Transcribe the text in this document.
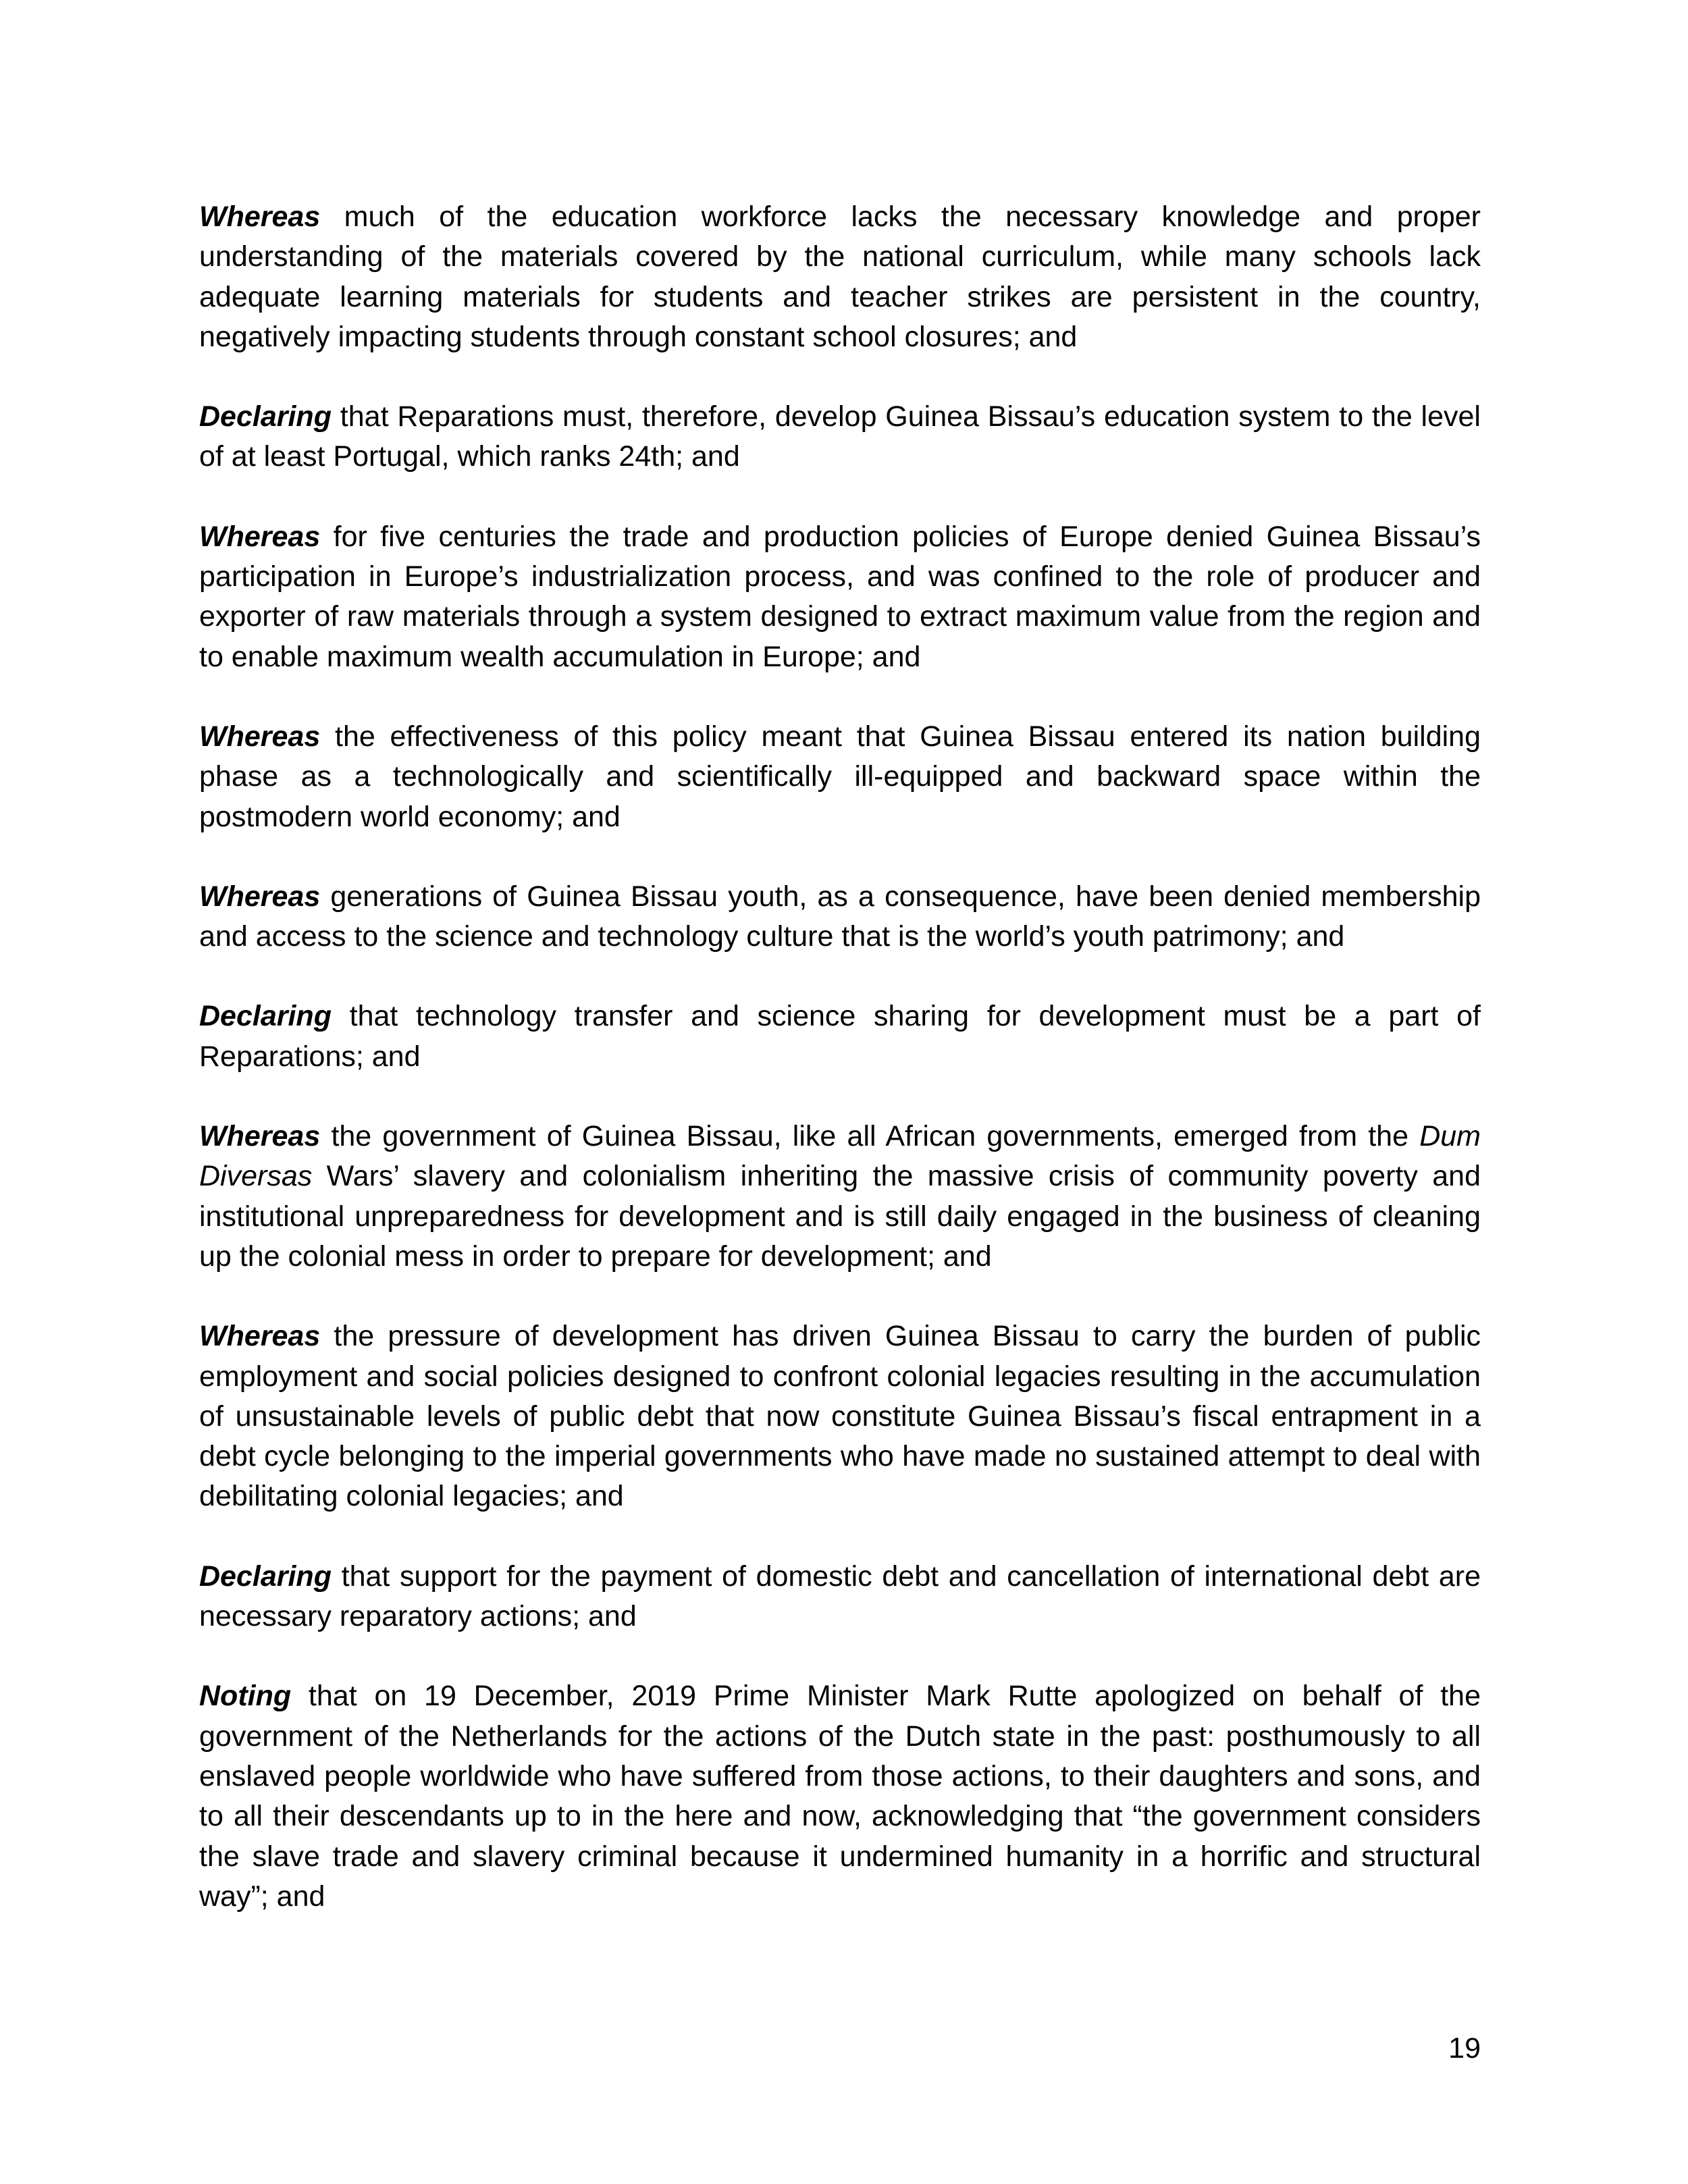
Whereas much of the education workforce lacks the necessary knowledge and proper understanding of the materials covered by the national curriculum, while many schools lack adequate learning materials for students and teacher strikes are persistent in the country, negatively impacting students through constant school closures; and

Declaring that Reparations must, therefore, develop Guinea Bissau’s education system to the level of at least Portugal, which ranks 24th; and

Whereas for five centuries the trade and production policies of Europe denied Guinea Bissau’s participation in Europe’s industrialization process, and was confined to the role of producer and exporter of raw materials through a system designed to extract maximum value from the region and to enable maximum wealth accumulation in Europe; and

Whereas the effectiveness of this policy meant that Guinea Bissau entered its nation building phase as a technologically and scientifically ill-equipped and backward space within the postmodern world economy; and

Whereas generations of Guinea Bissau youth, as a consequence, have been denied membership and access to the science and technology culture that is the world’s youth patrimony; and

Declaring that technology transfer and science sharing for development must be a part of Reparations; and

Whereas the government of Guinea Bissau, like all African governments, emerged from the Dum Diversas Wars’ slavery and colonialism inheriting the massive crisis of community poverty and institutional unpreparedness for development and is still daily engaged in the business of cleaning up the colonial mess in order to prepare for development; and

Whereas the pressure of development has driven Guinea Bissau to carry the burden of public employment and social policies designed to confront colonial legacies resulting in the accumulation of unsustainable levels of public debt that now constitute Guinea Bissau’s fiscal entrapment in a debt cycle belonging to the imperial governments who have made no sustained attempt to deal with debilitating colonial legacies; and

Declaring that support for the payment of domestic debt and cancellation of international debt are necessary reparatory actions; and

Noting that on 19 December, 2019 Prime Minister Mark Rutte apologized on behalf of the government of the Netherlands for the actions of the Dutch state in the past: posthumously to all enslaved people worldwide who have suffered from those actions, to their daughters and sons, and to all their descendants up to in the here and now, acknowledging that “the government considers the slave trade and slavery criminal because it undermined humanity in a horrific and structural way”; and

19
